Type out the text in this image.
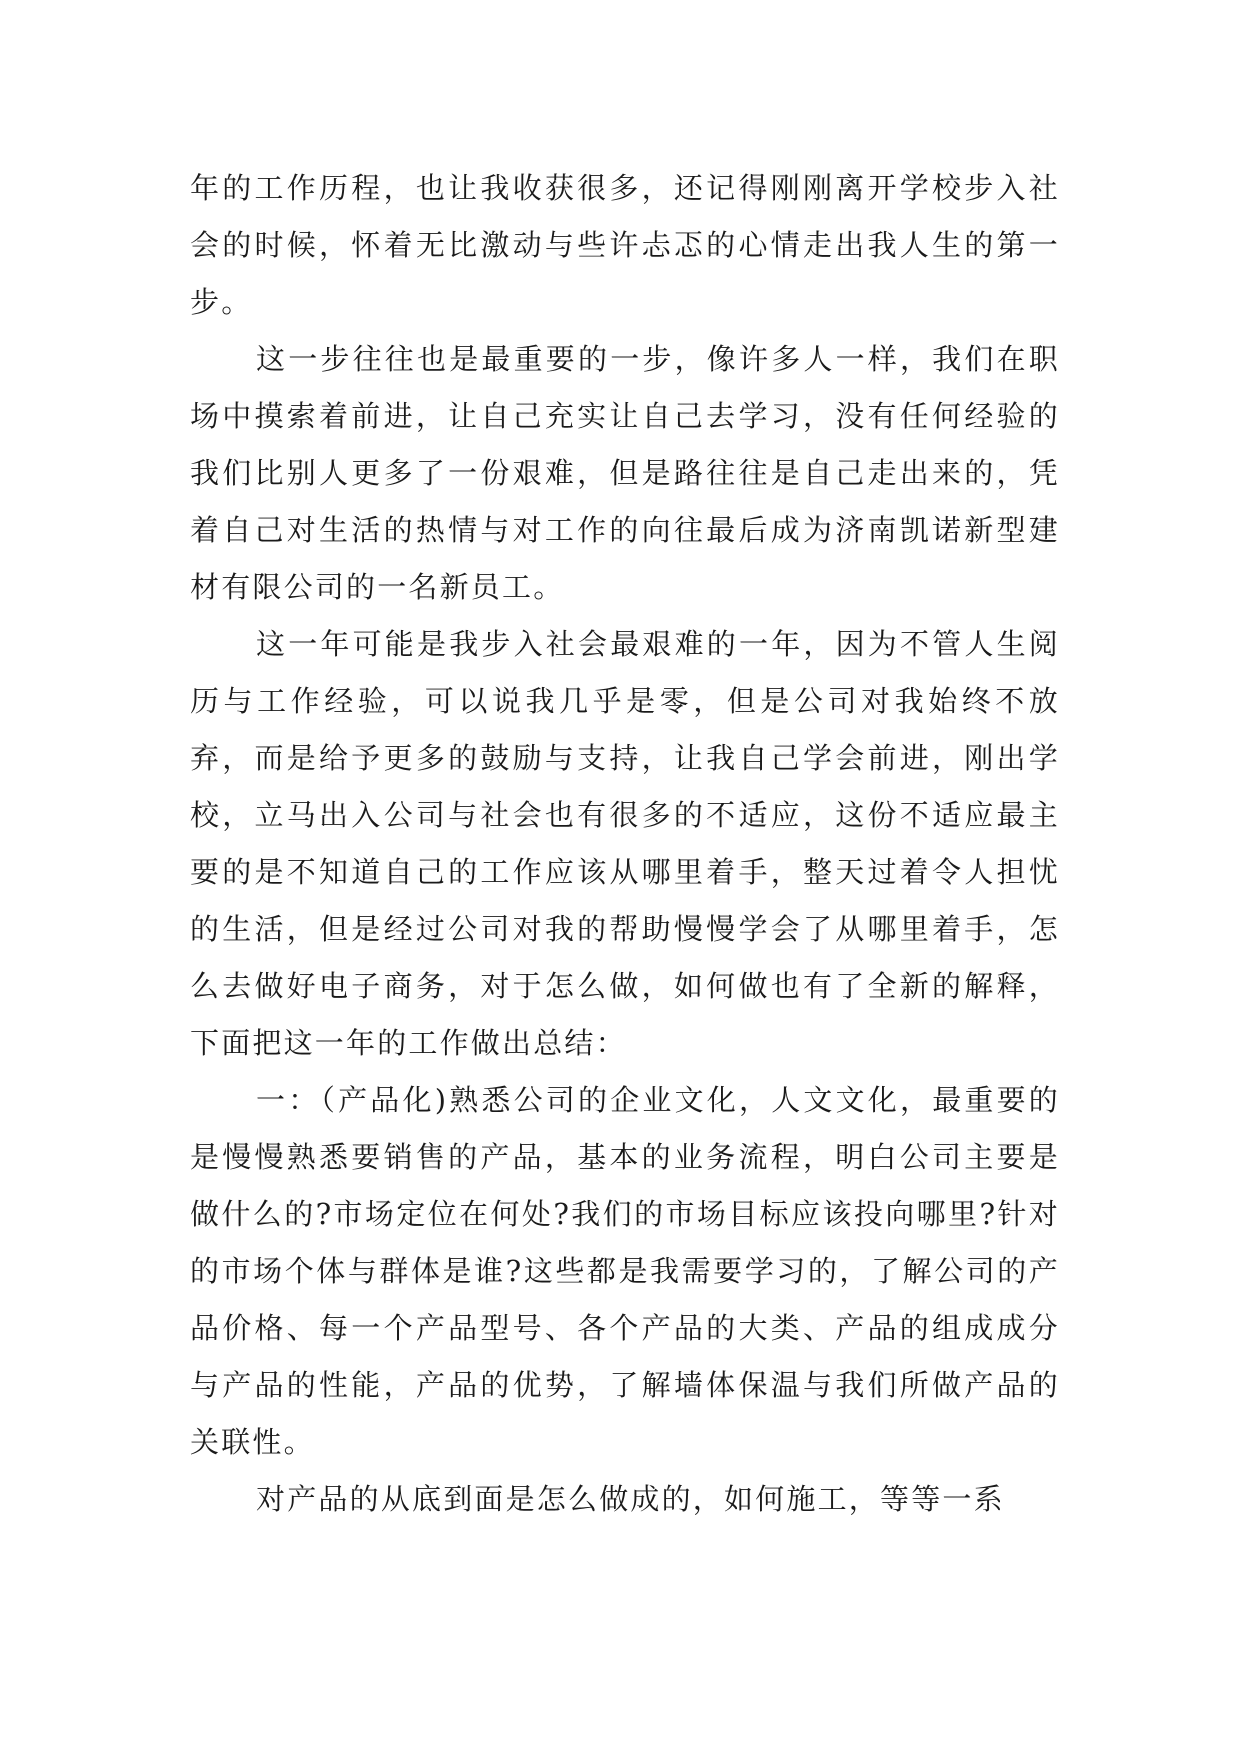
年的工作历程，也让我收获很多，还记得刚刚离开学校步入社会的时候，怀着无比激动与些许忐忑的心情走出我人生的第一步。

这一步往往也是最重要的一步，像许多人一样，我们在职场中摸索着前进，让自己充实让自己去学习，没有任何经验的我们比别人更多了一份艰难，但是路往往是自己走出来的，凭着自己对生活的热情与对工作的向往最后成为济南凯诺新型建材有限公司的一名新员工。

这一年可能是我步入社会最艰难的一年，因为不管人生阅历与工作经验，可以说我几乎是零，但是公司对我始终不放弃，而是给予更多的鼓励与支持，让我自己学会前进，刚出学校，立马出入公司与社会也有很多的不适应，这份不适应最主要的是不知道自己的工作应该从哪里着手，整天过着令人担忧的生活，但是经过公司对我的帮助慢慢学会了从哪里着手，怎么去做好电子商务，对于怎么做，如何做也有了全新的解释，下面把这一年的工作做出总结：

一：（产品化)熟悉公司的企业文化，人文文化，最重要的是慢慢熟悉要销售的产品，基本的业务流程，明白公司主要是做什么的?市场定位在何处?我们的市场目标应该投向哪里?针对的市场个体与群体是谁?这些都是我需要学习的，了解公司的产品价格、每一个产品型号、各个产品的大类、产品的组成成分与产品的性能，产品的优势，了解墙体保温与我们所做产品的关联性。

对产品的从底到面是怎么做成的，如何施工，等等一系
